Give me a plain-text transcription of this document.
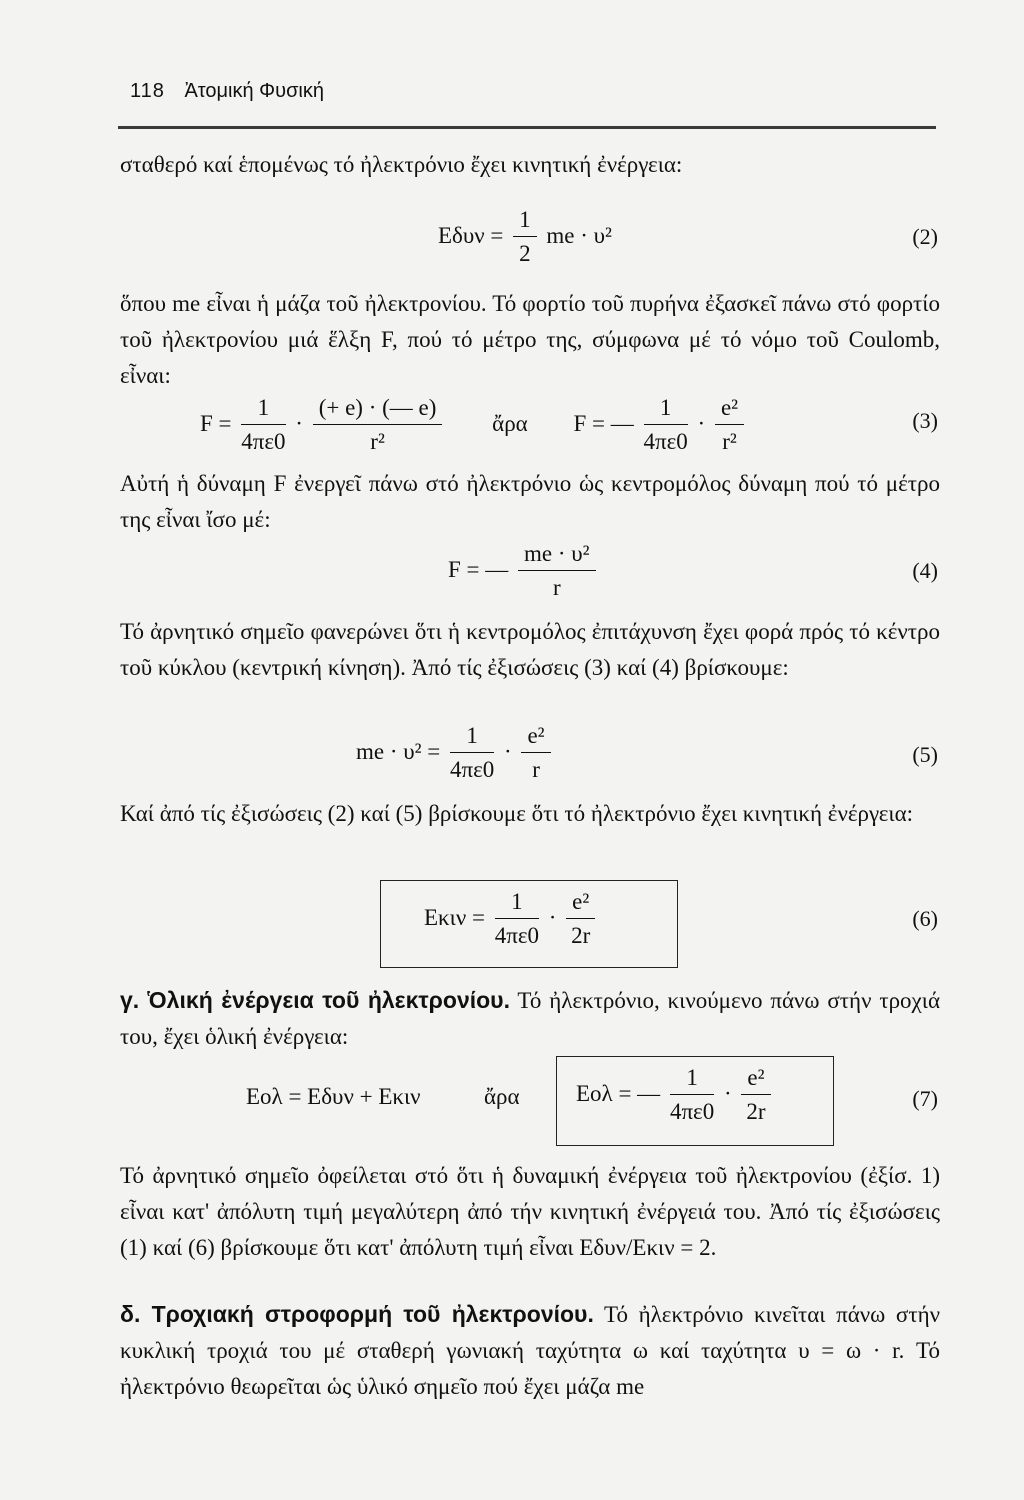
118 Ἀτομική Φυσική
σταθερό καί ἑπομένως τό ἠλεκτρόνιο ἔχει κινητική ἐνέργεια:
$E\delta\upsilon\nu = \frac{1}{2}$ me · υ²	(2)
ὅπου me εἶναι ἡ μάζα τοῦ ἠλεκτρονίου. Τό φορτίο τοῦ πυρήνα ἐξασκεῖ πάνω στό φορτίο τοῦ ἠλεκτρονίου μιά ἕλξη F, πού τό μέτρο της, σύμφωνα μέ τό νόμο τοῦ Coulomb, εἶναι:
$F = \frac{1}{4\pi\varepsilon 0} \cdot \frac{(+ e) \cdot (— e)}{\text{r²}}$ ἄρα F = — $\frac{1}{4\pi\varepsilon 0} \cdot \frac{\text{e²}}{\text{r²}}$	(3)
Αὐτή ἡ δύναμη F ἐνεργεῖ πάνω στό ἠλεκτρόνιο ὡς κεντρομόλος δύναμη πού τό μέτρο της εἶναι ἴσο μέ:
F = — $\frac{\text{me · υ²}}{r}$	(4)
Τό ἀρνητικό σημεῖο φανερώνει ὅτι ἡ κεντρομόλος ἐπιτάχυνση ἔχει φορά πρός τό κέντρο τοῦ κύκλου (κεντρική κίνηση). Ἀπό τίς ἐξισώσεις (3) καί (4) βρίσκουμε:
me · $\upsilon^2 = \frac{1}{4\pi\varepsilon 0} \cdot \frac{\text{e²}}{r}$	(5)
Καί ἀπό τίς ἐξισώσεις (2) καί (5) βρίσκουμε ὅτι τό ἠλεκτρόνιο ἔχει κινητική ἐνέργεια:
$E\kappa\iota\nu = \frac{1}{4\pi\varepsilon 0} \cdot \frac{\text{e²}}{2r}$	(6)
γ. Ὁλική ἐνέργεια τοῦ ἠλεκτρονίου. Τό ἠλεκτρόνιο, κινούμενο πάνω στήν τροχιά του, ἔχει ὁλική ἐνέργεια:
Eολ = Eδυν + Eκιν	ἄρα Eολ = — $\frac{1}{4\pi\varepsilon 0} \cdot \frac{\text{e²}}{2r}$	(7)
Τό ἀρνητικό σημεῖο ὀφείλεται στό ὅτι ἡ δυναμική ἐνέργεια τοῦ ἠλεκτρονίου (ἐξίσ. 1) εἶναι κατ' ἀπόλυτη τιμή μεγαλύτερη ἀπό τήν κινητική ἐνέργειά του. Ἀπό τίς ἐξισώσεις (1) καί (6) βρίσκουμε ὅτι κατ' ἀπόλυτη τιμή εἶναι Eδυν/Eκιν = 2.
δ. Τροχιακή στροφορμή τοῦ ἠλεκτρονίου. Τό ἠλεκτρόνιο κινεῖται πάνω στήν κυκλική τροχιά του μέ σταθερή γωνιακή ταχύτητα ω καί ταχύτητα υ = ω · r. Τό ἠλεκτρόνιο θεωρεῖται ὡς ὑλικό σημεῖο πού ἔχει μάζα me
